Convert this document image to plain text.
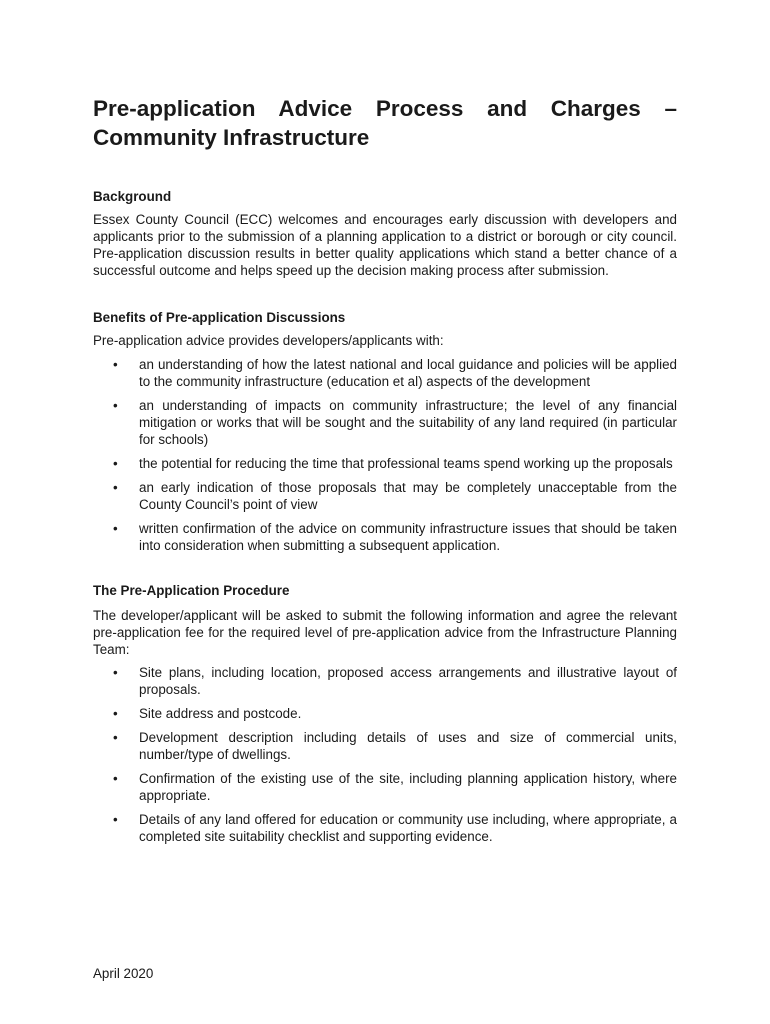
Pre-application Advice Process and Charges – Community Infrastructure
Background

Essex County Council (ECC) welcomes and encourages early discussion with developers and applicants prior to the submission of a planning application to a district or borough or city council. Pre-application discussion results in better quality applications which stand a better chance of a successful outcome and helps speed up the decision making process after submission.

Benefits of Pre-application Discussions

Pre-application advice provides developers/applicants with:

• an understanding of how the latest national and local guidance and policies will be applied to the community infrastructure (education et al) aspects of the development
• an understanding of impacts on community infrastructure; the level of any financial mitigation or works that will be sought and the suitability of any land required (in particular for schools)
• the potential for reducing the time that professional teams spend working up the proposals
• an early indication of those proposals that may be completely unacceptable from the County Council’s point of view
• written confirmation of the advice on community infrastructure issues that should be taken into consideration when submitting a subsequent application.
The Pre-Application Procedure

The developer/applicant will be asked to submit the following information and agree the relevant pre-application fee for the required level of pre-application advice from the Infrastructure Planning Team:

• Site plans, including location, proposed access arrangements and illustrative layout of proposals.
• Site address and postcode.
• Development description including details of uses and size of commercial units, number/type of dwellings.
• Confirmation of the existing use of the site, including planning application history, where appropriate.
• Details of any land offered for education or community use including, where appropriate, a completed site suitability checklist and supporting evidence.
April 2020
